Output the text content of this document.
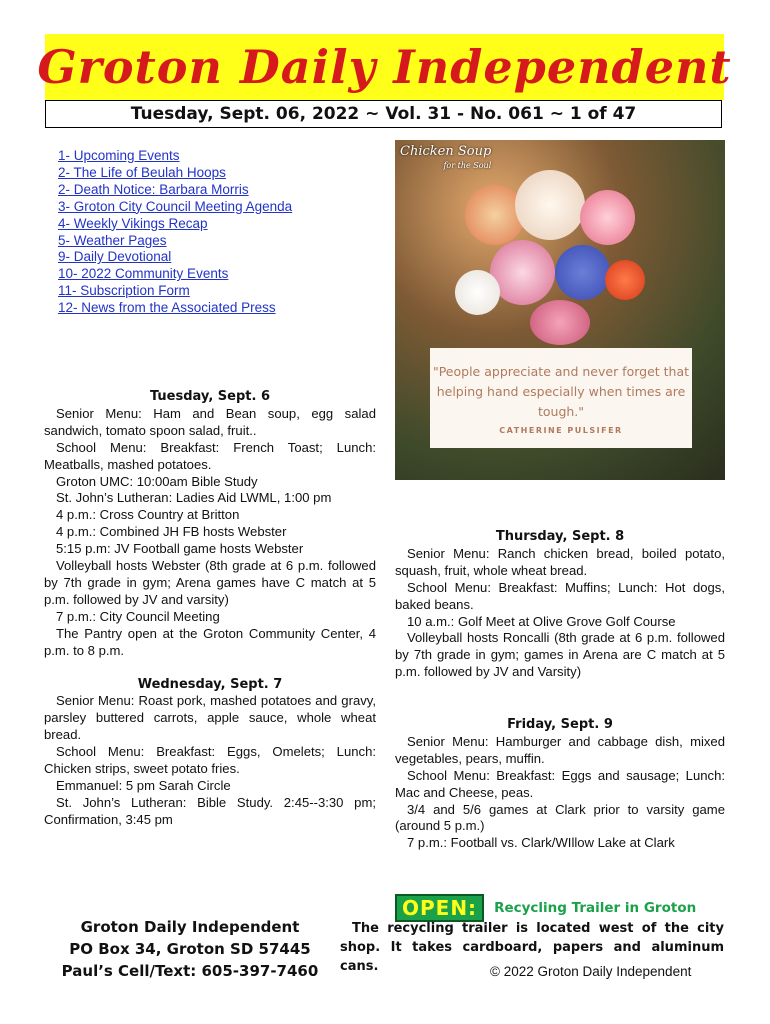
Groton Daily Independent
Tuesday, Sept. 06, 2022 ~ Vol. 31 - No. 061 ~ 1 of 47
1- Upcoming Events
2- The Life of Beulah Hoops
2- Death Notice: Barbara Morris
3- Groton City Council Meeting Agenda
4- Weekly Vikings Recap
5- Weather Pages
9- Daily Devotional
10- 2022 Community Events
11- Subscription Form
12- News from the Associated Press
Chicken Soup
for the Soul
"People appreciate and never forget that helping hand especially when times are tough."
CATHERINE PULSIFER
Tuesday, Sept. 6

Senior Menu: Ham and Bean soup, egg salad sandwich, tomato spoon salad, fruit..

School Menu: Breakfast: French Toast; Lunch: Meatballs, mashed potatoes.

Groton UMC: 10:00am Bible Study

St. John’s Lutheran: Ladies Aid LWML, 1:00 pm

4 p.m.: Cross Country at Britton

4 p.m.: Combined JH FB hosts Webster

5:15 p.m: JV Football game hosts Webster

Volleyball hosts Webster (8th grade at 6 p.m. followed by 7th grade in gym; Arena games have C match at 5 p.m. followed by JV and varsity)

7 p.m.: City Council Meeting

The Pantry open at the Groton Community Center, 4 p.m. to 8 p.m.

Wednesday, Sept. 7

Senior Menu: Roast pork, mashed potatoes and gravy, parsley buttered carrots, apple sauce, whole wheat bread.

School Menu: Breakfast: Eggs, Omelets; Lunch: Chicken strips, sweet potato fries.

Emmanuel: 5 pm Sarah Circle

St. John’s Lutheran: Bible Study. 2:45--3:30 pm; Confirmation, 3:45 pm

Thursday, Sept. 8

Senior Menu: Ranch chicken bread, boiled potato, squash, fruit, whole wheat bread.

School Menu: Breakfast: Muffins; Lunch: Hot dogs, baked beans.

10 a.m.: Golf Meet at Olive Grove Golf Course

Volleyball hosts Roncalli (8th grade at 6 p.m. followed by 7th grade in gym; games in Arena are C match at 5 p.m. followed by JV and Varsity)

Friday, Sept. 9

Senior Menu: Hamburger and cabbage dish, mixed vegetables, pears, muffin.

School Menu: Breakfast: Eggs and sausage; Lunch: Mac and Cheese, peas.

3/4 and 5/6 games at Clark prior to varsity game (around 5 p.m.)

7 p.m.: Football vs. Clark/WIllow Lake at Clark

Groton Daily Independent
PO Box 34, Groton SD 57445
Paul’s Cell/Text: 605-397-7460
OPEN:	Recycling Trailer in Groton
The recycling trailer is located west of the city shop. It takes cardboard, papers and aluminum cans.	© 2022 Groton Daily Independent
